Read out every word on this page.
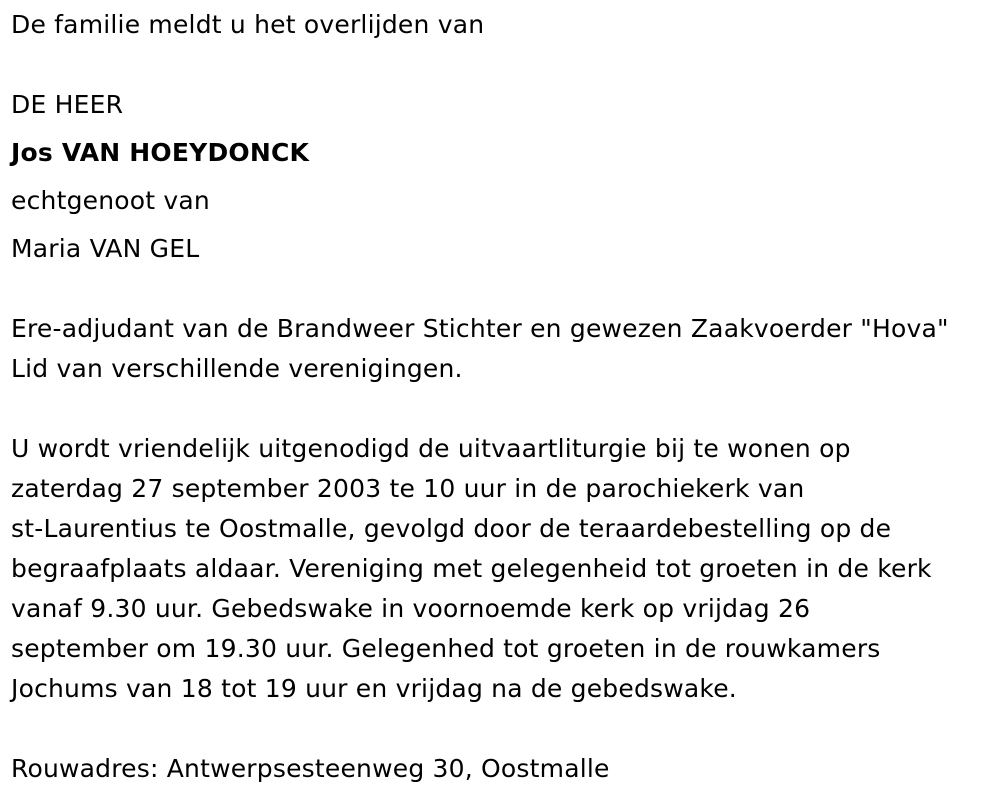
De familie meldt u het overlijden van
DE HEER
Jos VAN HOEYDONCK
echtgenoot van
Maria VAN GEL
Ere-adjudant van de Brandweer Stichter en gewezen Zaakvoerder "Hova"
Lid van verschillende verenigingen.
U wordt vriendelijk uitgenodigd de uitvaartliturgie bij te wonen op
zaterdag 27 september 2003 te 10 uur in de parochiekerk van
st-Laurentius te Oostmalle, gevolgd door de teraardebestelling op de
begraafplaats aldaar. Vereniging met gelegenheid tot groeten in de kerk
vanaf 9.30 uur. Gebedswake in voornoemde kerk op vrijdag 26
september om 19.30 uur. Gelegenhed tot groeten in de rouwkamers
Jochums van 18 tot 19 uur en vrijdag na de gebedswake.
Rouwadres: Antwerpsesteenweg 30, Oostmalle
